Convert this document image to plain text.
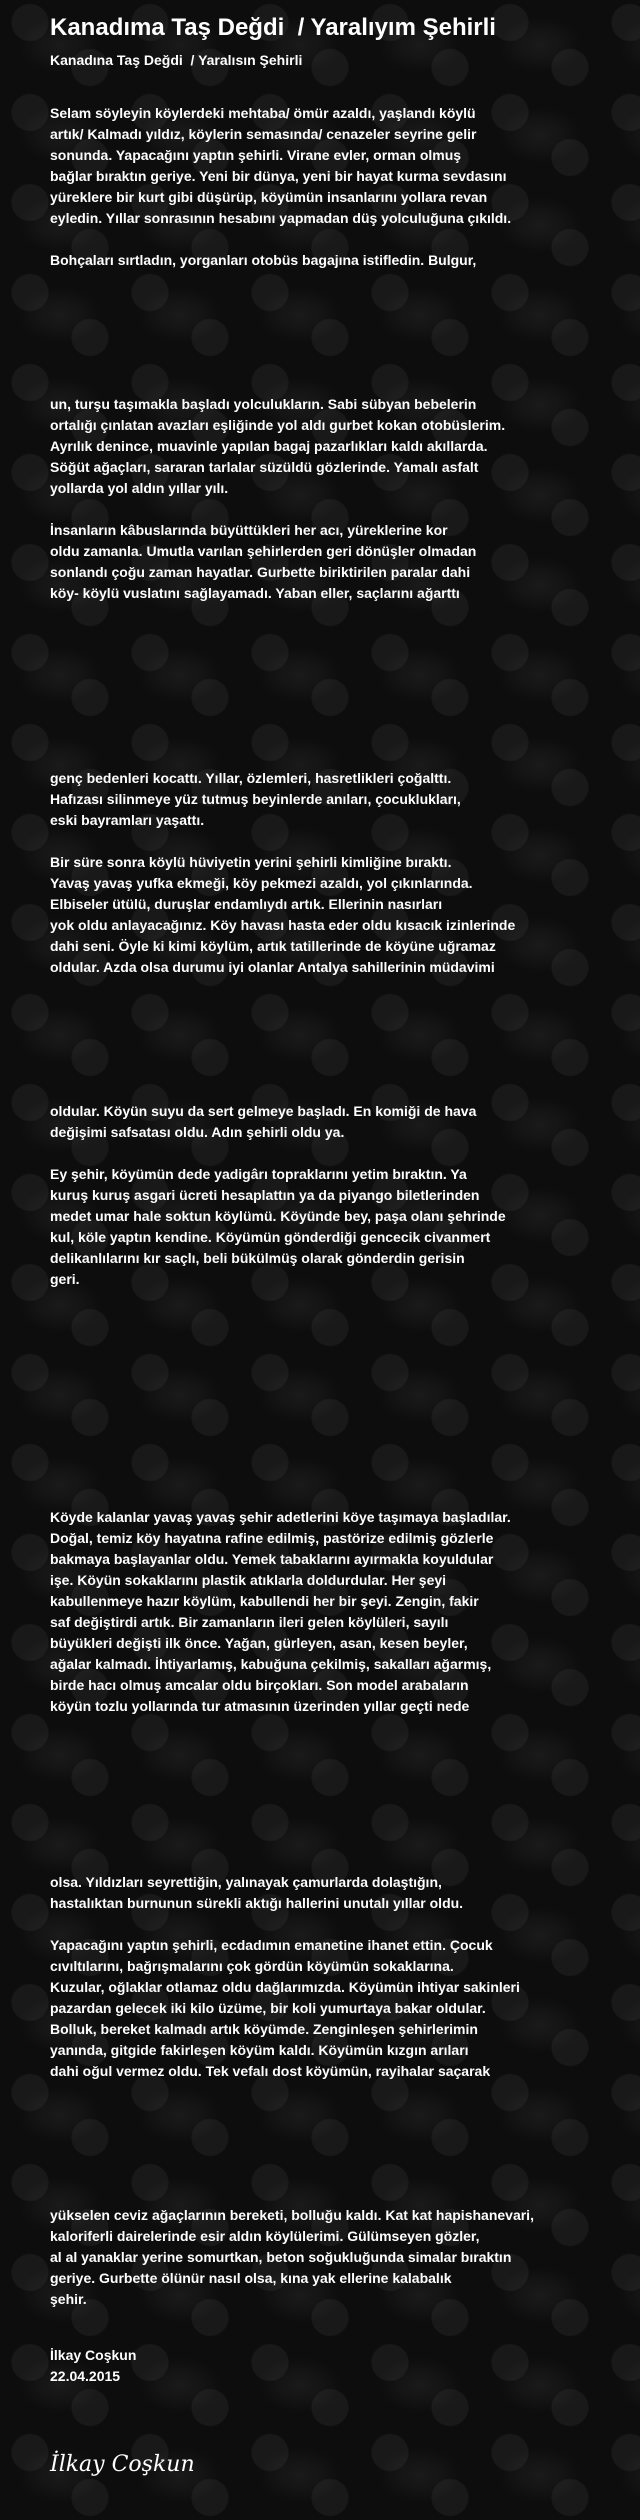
Kanadıma Taş Değdi  / Yaralıyım Şehirli
Kanadına Taş Değdi  / Yaralısın Şehirli

Selam söyleyin köylerdeki mehtaba/ ömür azaldı, yaşlandı köylü
artık/ Kalmadı yıldız, köylerin semasında/ cenazeler seyrine gelir
sonunda. Yapacağını yaptın şehirli. Virane evler, orman olmuş
bağlar bıraktın geriye. Yeni bir dünya, yeni bir hayat kurma sevdasını
yüreklere bir kurt gibi düşürüp, köyümün insanlarını yollara revan
eyledin. Yıllar sonrasının hesabını yapmadan düş yolculuğuna çıkıldı.

Bohçaları sırtladın, yorganları otobüs bagajına istifledin. Bulgur,

un, turşu taşımakla başladı yolculukların. Sabi sübyan bebelerin
ortalığı çınlatan avazları eşliğinde yol aldı gurbet kokan otobüslerim.
Ayrılık denince, muavinle yapılan bagaj pazarlıkları kaldı akıllarda.
Söğüt ağaçları, sararan tarlalar süzüldü gözlerinde. Yamalı asfalt
yollarda yol aldın yıllar yılı.

İnsanların kâbuslarında büyüttükleri her acı, yüreklerine kor
oldu zamanla. Umutla varılan şehirlerden geri dönüşler olmadan
sonlandı çoğu zaman hayatlar. Gurbette biriktirilen paralar dahi
köy- köylü vuslatını sağlayamadı. Yaban eller, saçlarını ağarttı

genç bedenleri kocattı. Yıllar, özlemleri, hasretlikleri çoğalttı.
Hafızası silinmeye yüz tutmuş beyinlerde anıları, çocuklukları,
eski bayramları yaşattı.

Bir süre sonra köylü hüviyetin yerini şehirli kimliğine bıraktı.
Yavaş yavaş yufka ekmeği, köy pekmezi azaldı, yol çıkınlarında.
Elbiseler ütülü, duruşlar endamlıydı artık. Ellerinin nasırları
yok oldu anlayacağınız. Köy havası hasta eder oldu kısacık izinlerinde
dahi seni. Öyle ki kimi köylüm, artık tatillerinde de köyüne uğramaz
oldular. Azda olsa durumu iyi olanlar Antalya sahillerinin müdavimi

oldular. Köyün suyu da sert gelmeye başladı. En komiği de hava
değişimi safsatası oldu. Adın şehirli oldu ya.

Ey şehir, köyümün dede yadigârı topraklarını yetim bıraktın. Ya
kuruş kuruş asgari ücreti hesaplattın ya da piyango biletlerinden
medet umar hale soktun köylümü. Köyünde bey, paşa olanı şehrinde
kul, köle yaptın kendine. Köyümün gönderdiği gencecik civanmert
delikanlılarını kır saçlı, beli bükülmüş olarak gönderdin gerisin
geri.

Köyde kalanlar yavaş yavaş şehir adetlerini köye taşımaya başladılar.
Doğal, temiz köy hayatına rafine edilmiş, pastörize edilmiş gözlerle
bakmaya başlayanlar oldu. Yemek tabaklarını ayırmakla koyuldular
işe. Köyün sokaklarını plastik atıklarla doldurdular. Her şeyi
kabullenmeye hazır köylüm, kabullendi her bir şeyi. Zengin, fakir
saf değiştirdi artık. Bir zamanların ileri gelen köylüleri, sayılı
büyükleri değişti ilk önce. Yağan, gürleyen, asan, kesen beyler,
ağalar kalmadı. İhtiyarlamış, kabuğuna çekilmiş, sakalları ağarmış,
birde hacı olmuş amcalar oldu birçokları. Son model arabaların
köyün tozlu yollarında tur atmasının üzerinden yıllar geçti nede

olsa. Yıldızları seyrettiğin, yalınayak çamurlarda dolaştığın,
hastalıktan burnunun sürekli aktığı hallerini unutalı yıllar oldu.

Yapacağını yaptın şehirli, ecdadımın emanetine ihanet ettin. Çocuk
cıvıltılarını, bağrışmalarını çok gördün köyümün sokaklarına.
Kuzular, oğlaklar otlamaz oldu dağlarımızda. Köyümün ihtiyar sakinleri
pazardan gelecek iki kilo üzüme, bir koli yumurtaya bakar oldular.
Bolluk, bereket kalmadı artık köyümde. Zenginleşen şehirlerimin
yanında, gitgide fakirleşen köyüm kaldı. Köyümün kızgın arıları
dahi oğul vermez oldu. Tek vefalı dost köyümün, rayihalar saçarak

yükselen ceviz ağaçlarının bereketi, bolluğu kaldı. Kat kat hapishanevari,
kaloriferli dairelerinde esir aldın köylülerimi. Gülümseyen gözler,
al al yanaklar yerine somurtkan, beton soğukluğunda simalar bıraktın
geriye. Gurbette ölünür nasıl olsa, kına yak ellerine kalabalık
şehir.

İlkay Coşkun
22.04.2015
İlkay Coşkun
